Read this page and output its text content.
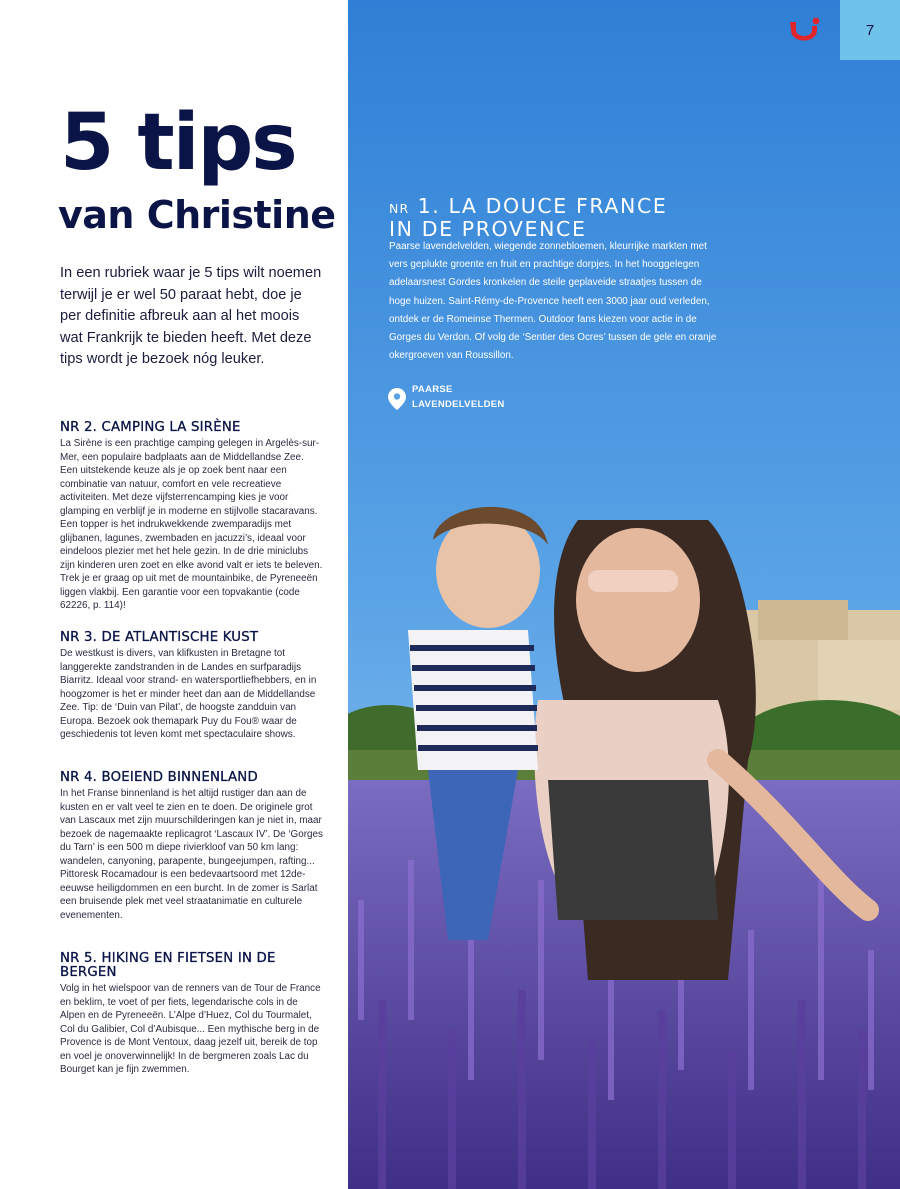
5 tips
van Christine
In een rubriek waar je 5 tips wilt noemen terwijl je er wel 50 paraat hebt, doe je per definitie afbreuk aan al het moois wat Frankrijk te bieden heeft. Met deze tips wordt je bezoek nóg leuker.
NR 2. CAMPING LA SIRÈNE

La Sirène is een prachtige camping gelegen in Argelès-sur-Mer, een populaire badplaats aan de Middellandse Zee. Een uitstekende keuze als je op zoek bent naar een combinatie van natuur, comfort en vele recreatieve activiteiten. Met deze vijfsterrencamping kies je voor glamping en verblijf je in moderne en stijlvolle stacaravans. Een topper is het indrukwekkende zwemparadijs met glijbanen, lagunes, zwembaden en jacuzzi’s, ideaal voor eindeloos plezier met het hele gezin. In de drie miniclubs zijn kinderen uren zoet en elke avond valt er iets te beleven. Trek je er graag op uit met de mountainbike, de Pyreneeën liggen vlakbij. Een garantie voor een topvakantie (code 62226, p. 114)!

NR 3. DE ATLANTISCHE KUST

De westkust is divers, van klifkusten in Bretagne tot langgerekte zandstranden in de Landes en surfparadijs Biarritz. Ideaal voor strand- en watersportliefhebbers, en in hoogzomer is het er minder heet dan aan de Middellandse Zee. Tip: de ‘Duin van Pilat’, de hoogste zandduin van Europa. Bezoek ook themapark Puy du Fou® waar de geschiedenis tot leven komt met spectaculaire shows.

NR 4. BOEIEND BINNENLAND

In het Franse binnenland is het altijd rustiger dan aan de kusten en er valt veel te zien en te doen. De originele grot van Lascaux met zijn muurschilderingen kan je niet in, maar bezoek de nagemaakte replicagrot ‘Lascaux IV’. De ‘Gorges du Tarn’ is een 500 m diepe rivierkloof van 50 km lang: wandelen, canyoning, parapente, bungeejumpen, rafting... Pittoresk Rocamadour is een bedevaartsoord met 12de-eeuwse heiligdommen en een burcht. In de zomer is Sarlat een bruisende plek met veel straatanimatie en culturele evenementen.

NR 5. HIKING EN FIETSEN IN DE BERGEN

Volg in het wielspoor van de renners van de Tour de France en beklim, te voet of per fiets, legendarische cols in de Alpen en de Pyreneeën. L’Alpe d’Huez, Col du Tourmalet, Col du Galibier, Col d’Aubisque... Een mythische berg in de Provence is de Mont Ventoux, daag jezelf uit, bereik de top en voel je onoverwinnelijk! In de bergmeren zoals Lac du Bourget kan je fijn zwemmen.

7
NR 1. LA DOUCE FRANCE
IN DE PROVENCE
Paarse lavendelvelden, wiegende zonnebloemen, kleurrijke markten met vers geplukte groente en fruit en prachtige dorpjes. In het hooggelegen adelaarsnest Gordes kronkelen de steile geplaveide straatjes tussen de hoge huizen. Saint-Rémy-de-Provence heeft een 3000 jaar oud verleden, ontdek er de Romeinse Thermen. Outdoor fans kiezen voor actie in de Gorges du Verdon. Of volg de ‘Sentier des Ocres’ tussen de gele en oranje okergroeven van Roussillon.
PAARSE
LAVENDELVELDEN
